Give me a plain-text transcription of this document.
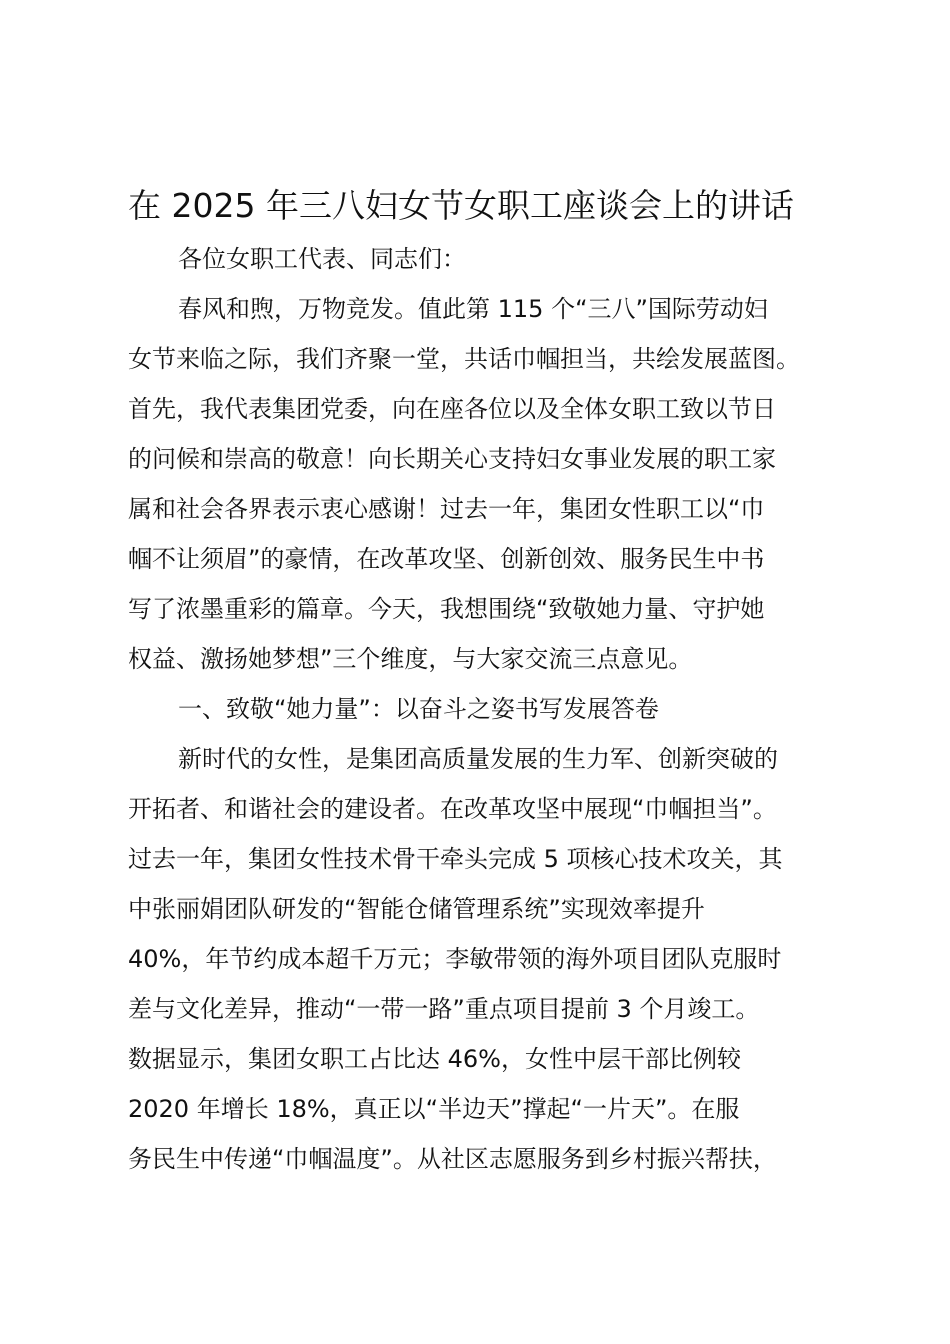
在 2025 年三八妇女节女职工座谈会上的讲话
各位女职工代表、同志们：
春风和煦，万物竞发。值此第 115 个“三八”国际劳动妇
女节来临之际，我们齐聚一堂，共话巾帼担当，共绘发展蓝图。
首先，我代表集团党委，向在座各位以及全体女职工致以节日
的问候和崇高的敬意！向长期关心支持妇女事业发展的职工家
属和社会各界表示衷心感谢！过去一年，集团女性职工以“巾
帼不让须眉”的豪情，在改革攻坚、创新创效、服务民生中书
写了浓墨重彩的篇章。今天，我想围绕“致敬她力量、守护她
权益、激扬她梦想”三个维度，与大家交流三点意见。
一、致敬“她力量”：以奋斗之姿书写发展答卷
新时代的女性，是集团高质量发展的生力军、创新突破的
开拓者、和谐社会的建设者。在改革攻坚中展现“巾帼担当”。
过去一年，集团女性技术骨干牵头完成 5 项核心技术攻关，其
中张丽娟团队研发的“智能仓储管理系统”实现效率提升
40%，年节约成本超千万元；李敏带领的海外项目团队克服时
差与文化差异，推动“一带一路”重点项目提前 3 个月竣工。
数据显示，集团女职工占比达 46%，女性中层干部比例较
2020 年增长 18%，真正以“半边天”撑起“一片天”。在服
务民生中传递“巾帼温度”。从社区志愿服务到乡村振兴帮扶，
